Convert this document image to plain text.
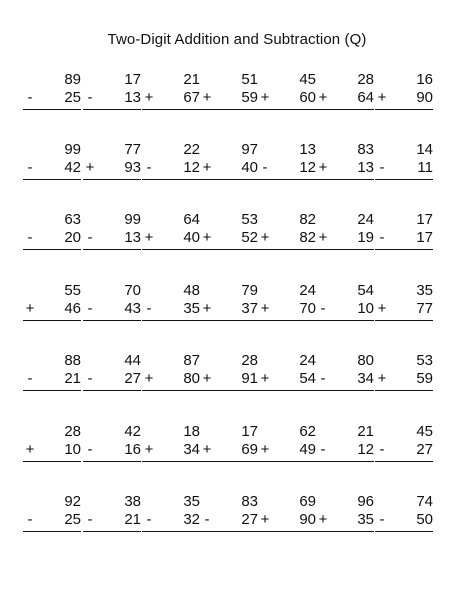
Two-Digit Addition and Subtraction (Q)
89
-	25
17
-	13
21
+	67
51
+	59
45
+	60
28
+	64
16
+	90
99
-	42
77
+	93
22
-	12
97
+	40
13
-	12
83
+	13
14
-	11
63
-	20
99
-	13
64
+	40
53
+	52
82
+	82
24
+	19
17
-	17
55
+	46
70
-	43
48
-	35
79
+	37
24
+	70
54
-	10
35
+	77
88
-	21
44
-	27
87
+	80
28
+	91
24
+	54
80
-	34
53
+	59
28
+	10
42
-	16
18
+	34
17
+	69
62
+	49
21
-	12
45
-	27
92
-	25
38
-	21
35
-	32
83
-	27
69
+	90
96
+	35
74
-	50
